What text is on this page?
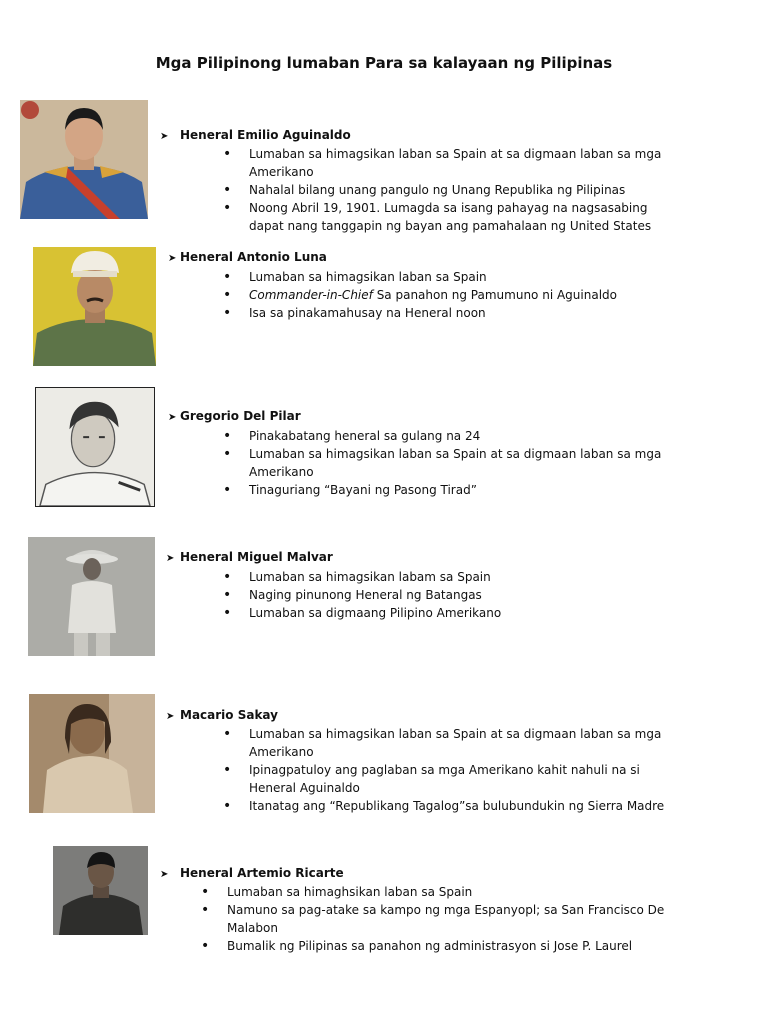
Mga Pilipinong lumaban Para sa kalayaan ng Pilipinas
➤ Heneral Emilio Aguinaldo
• Lumaban sa himagsikan laban sa Spain at sa digmaan laban sa mga Amerikano
• Nahalal bilang unang pangulo ng Unang Republika ng Pilipinas
• Noong Abril 19, 1901. Lumagda sa isang pahayag na nagsasabing dapat nang tanggapin ng bayan ang pamahalaan ng United States
➤ Heneral Antonio Luna
• Lumaban sa himagsikan laban sa Spain
• Commander-in-Chief Sa panahon ng Pamumuno ni Aguinaldo
• Isa sa pinakamahusay na Heneral noon
➤ Gregorio Del Pilar
• Pinakabatang heneral sa gulang na 24
• Lumaban sa himagsikan laban sa Spain at sa digmaan laban sa mga Amerikano
• Tinaguriang “Bayani ng Pasong Tirad”
➤ Heneral Miguel Malvar
• Lumaban sa himagsikan labam sa Spain
• Naging pinunong Heneral ng Batangas
• Lumaban sa digmaang Pilipino Amerikano
➤ Macario Sakay
• Lumaban sa himagsikan laban sa Spain at sa digmaan laban sa mga Amerikano
• Ipinagpatuloy ang paglaban sa mga Amerikano kahit nahuli na si Heneral Aguinaldo
• Itanatag ang “Republikang Tagalog”sa bulubundukin ng Sierra Madre
➤ Heneral Artemio Ricarte
• Lumaban sa himaghsikan laban sa Spain
• Namuno sa pag-atake sa kampo ng mga Espanyopl; sa San Francisco De Malabon
• Bumalik ng Pilipinas sa panahon ng administrasyon si Jose P. Laurel
